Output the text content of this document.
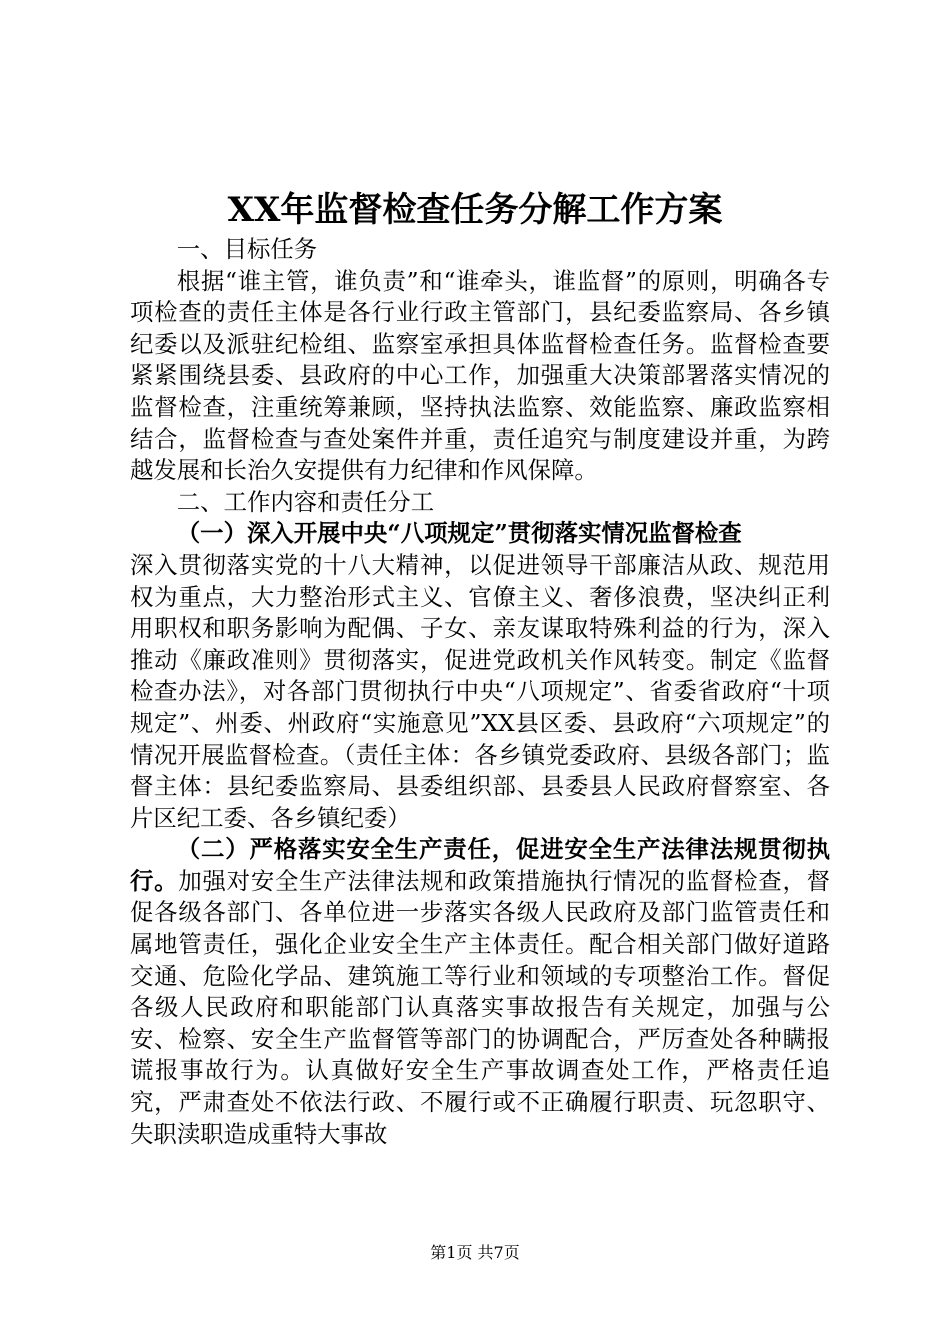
XX年监督检查任务分解工作方案

一、目标任务

根据“谁主管，谁负责”和“谁牵头，谁监督”的原则，明确各专项检查的责任主体是各行业行政主管部门，县纪委监察局、各乡镇纪委以及派驻纪检组、监察室承担具体监督检查任务。监督检查要紧紧围绕县委、县政府的中心工作，加强重大决策部署落实情况的监督检查，注重统筹兼顾，坚持执法监察、效能监察、廉政监察相结合，监督检查与查处案件并重，责任追究与制度建设并重，为跨越发展和长治久安提供有力纪律和作风保障。

二、工作内容和责任分工

（一）深入开展中央“八项规定”贯彻落实情况监督检查

深入贯彻落实党的十八大精神，以促进领导干部廉洁从政、规范用权为重点，大力整治形式主义、官僚主义、奢侈浪费，坚决纠正利用职权和职务影响为配偶、子女、亲友谋取特殊利益的行为，深入推动《廉政准则》贯彻落实，促进党政机关作风转变。制定《监督检查办法》，对各部门贯彻执行中央“八项规定”、省委省政府“十项规定”、州委、州政府“实施意见”XX县区委、县政府“六项规定”的情况开展监督检查。（责任主体：各乡镇党委政府、县级各部门；监督主体：县纪委监察局、县委组织部、县委县人民政府督察室、各片区纪工委、各乡镇纪委）

（二）严格落实安全生产责任，促进安全生产法律法规贯彻执行。加强对安全生产法律法规和政策措施执行情况的监督检查，督促各级各部门、各单位进一步落实各级人民政府及部门监管责任和属地管责任，强化企业安全生产主体责任。配合相关部门做好道路交通、危险化学品、建筑施工等行业和领域的专项整治工作。督促各级人民政府和职能部门认真落实事故报告有关规定，加强与公安、检察、安全生产监督管等部门的协调配合，严厉查处各种瞒报谎报事故行为。认真做好安全生产事故调查处工作，严格责任追究，严肃查处不依法行政、不履行或不正确履行职责、玩忽职守、失职渎职造成重特大事故

第1页 共7页
